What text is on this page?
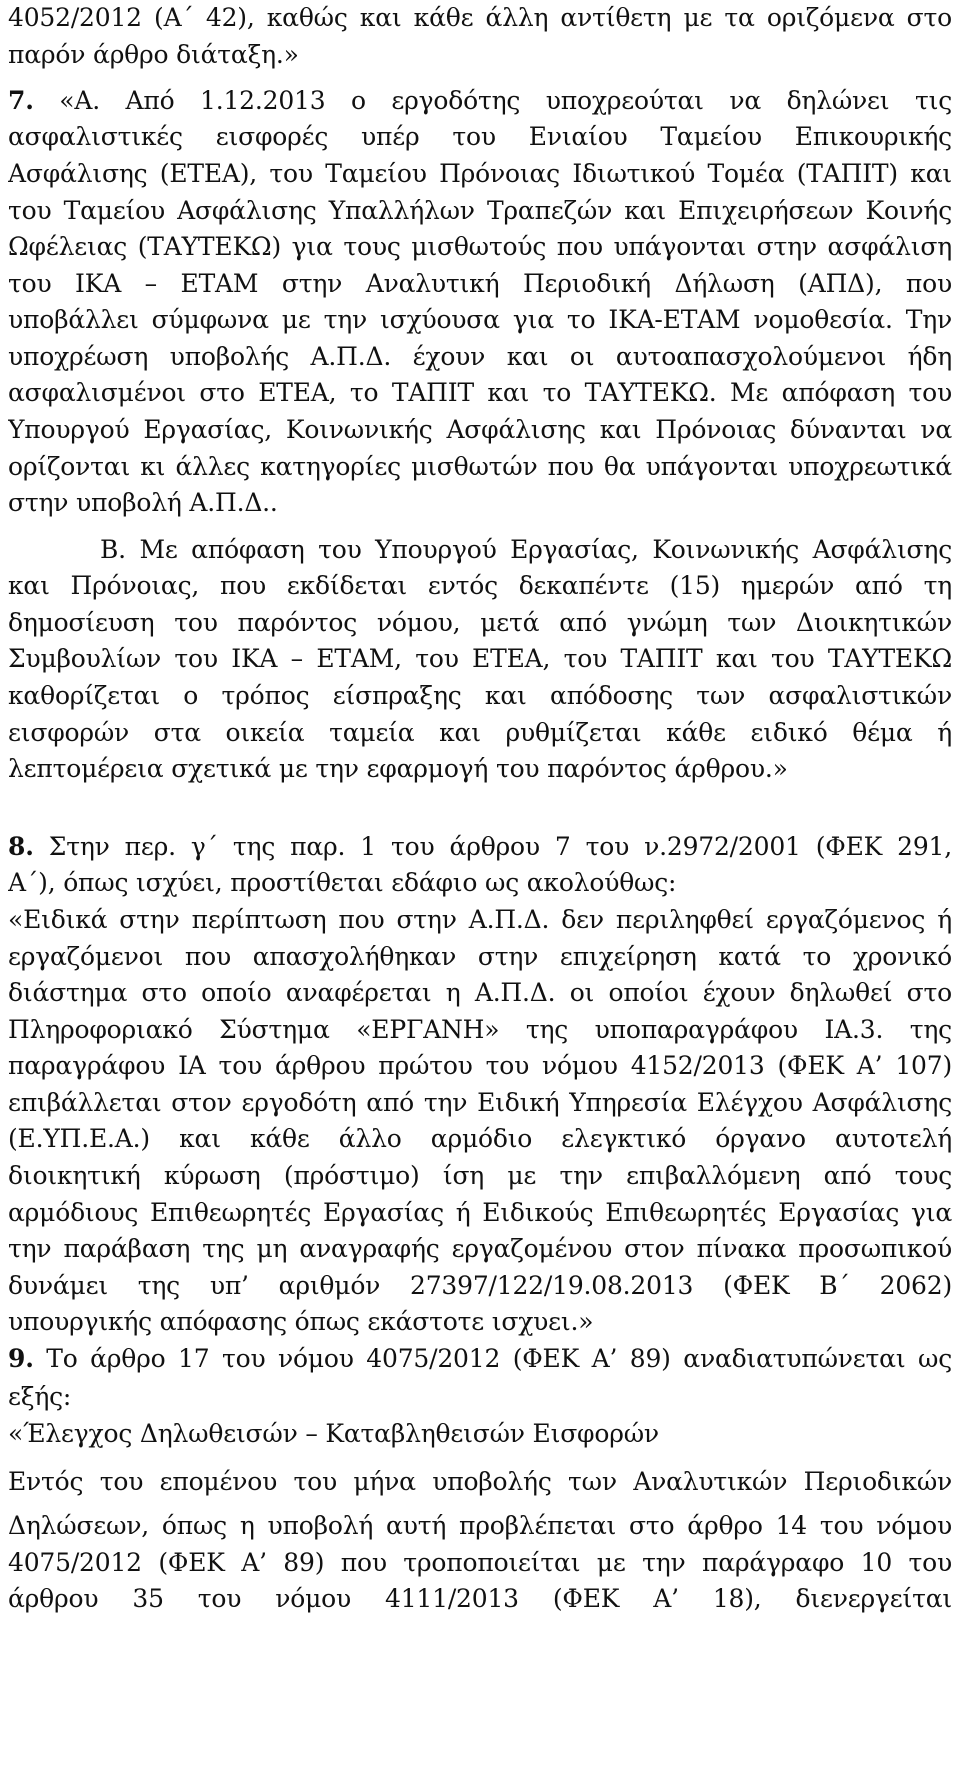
4052/2012 (Α΄ 42), καθώς και κάθε άλλη αντίθετη με τα οριζόμενα στο
παρόν άρθρο διάταξη.»
7. «Α. Από 1.12.2013 ο εργοδότης υποχρεούται να δηλώνει τις
ασφαλιστικές εισφορές υπέρ του Ενιαίου Ταμείου Επικουρικής
Ασφάλισης (ΕΤΕΑ), του Ταμείου Πρόνοιας Ιδιωτικού Τομέα (ΤΑΠΙΤ) και
του Ταμείου Ασφάλισης Υπαλλήλων Τραπεζών και Επιχειρήσεων Κοινής
Ωφέλειας (ΤΑΥΤΕΚΩ) για τους μισθωτούς που υπάγονται στην ασφάλιση
του ΙΚΑ – ΕΤΑΜ στην Αναλυτική Περιοδική Δήλωση (ΑΠΔ), που
υποβάλλει σύμφωνα με την ισχύουσα για το ΙΚΑ-ΕΤΑΜ νομοθεσία. Την
υποχρέωση υποβολής Α.Π.Δ. έχουν και οι αυτοαπασχολούμενοι ήδη
ασφαλισμένοι στο ΕΤΕΑ, το ΤΑΠΙΤ και το ΤΑΥΤΕΚΩ. Με απόφαση του
Υπουργού Εργασίας, Κοινωνικής Ασφάλισης και Πρόνοιας δύνανται να
ορίζονται κι άλλες κατηγορίες μισθωτών που θα υπάγονται υποχρεωτικά
στην υποβολή Α.Π.Δ..
Β. Με απόφαση του Υπουργού Εργασίας, Κοινωνικής Ασφάλισης
και Πρόνοιας, που εκδίδεται εντός δεκαπέντε (15) ημερών από τη
δημοσίευση του παρόντος νόμου, μετά από γνώμη των Διοικητικών
Συμβουλίων του ΙΚΑ – ΕΤΑΜ, του ΕΤΕΑ, του ΤΑΠΙΤ και του ΤΑΥΤΕΚΩ
καθορίζεται ο τρόπος είσπραξης και απόδοσης των ασφαλιστικών
εισφορών στα οικεία ταμεία και ρυθμίζεται κάθε ειδικό θέμα ή
λεπτομέρεια σχετικά με την εφαρμογή του παρόντος άρθρου.»
8. Στην περ. γ΄ της παρ. 1 του άρθρου 7 του ν.2972/2001 (ΦΕΚ 291,
Α΄), όπως ισχύει, προστίθεται εδάφιο ως ακολούθως:
«Ειδικά στην περίπτωση που στην Α.Π.Δ. δεν περιληφθεί εργαζόμενος ή
εργαζόμενοι που απασχολήθηκαν στην επιχείρηση κατά το χρονικό
διάστημα στο οποίο αναφέρεται η Α.Π.Δ. οι οποίοι έχουν δηλωθεί στο
Πληροφοριακό Σύστημα «ΕΡΓΑΝΗ» της υποπαραγράφου ΙΑ.3. της
παραγράφου ΙΑ του άρθρου πρώτου του νόμου 4152/2013 (ΦΕΚ Α’ 107)
επιβάλλεται στον εργοδότη από την Ειδική Υπηρεσία Ελέγχου Ασφάλισης
(Ε.ΥΠ.Ε.Α.) και κάθε άλλο αρμόδιο ελεγκτικό όργανο αυτοτελή
διοικητική κύρωση (πρόστιμο) ίση με την επιβαλλόμενη από τους
αρμόδιους Επιθεωρητές Εργασίας ή Ειδικούς Επιθεωρητές Εργασίας για
την παράβαση της μη αναγραφής εργαζομένου στον πίνακα προσωπικού
δυνάμει της υπ’ αριθμόν 27397/122/19.08.2013 (ΦΕΚ Β΄ 2062)
υπουργικής απόφασης όπως εκάστοτε ισχυει.»
9. Το άρθρο 17 του νόμου 4075/2012 (ΦΕΚ Α’ 89) αναδιατυπώνεται ως
εξής:
«Έλεγχος Δηλωθεισών – Καταβληθεισών Εισφορών
Εντός του επομένου του μήνα υποβολής των Αναλυτικών Περιοδικών
Δηλώσεων, όπως η υποβολή αυτή προβλέπεται στο άρθρο 14 του νόμου
4075/2012 (ΦΕΚ Α’ 89) που τροποποιείται με την παράγραφο 10 του
άρθρου 35 του νόμου 4111/2013 (ΦΕΚ Α’ 18), διενεργείται
